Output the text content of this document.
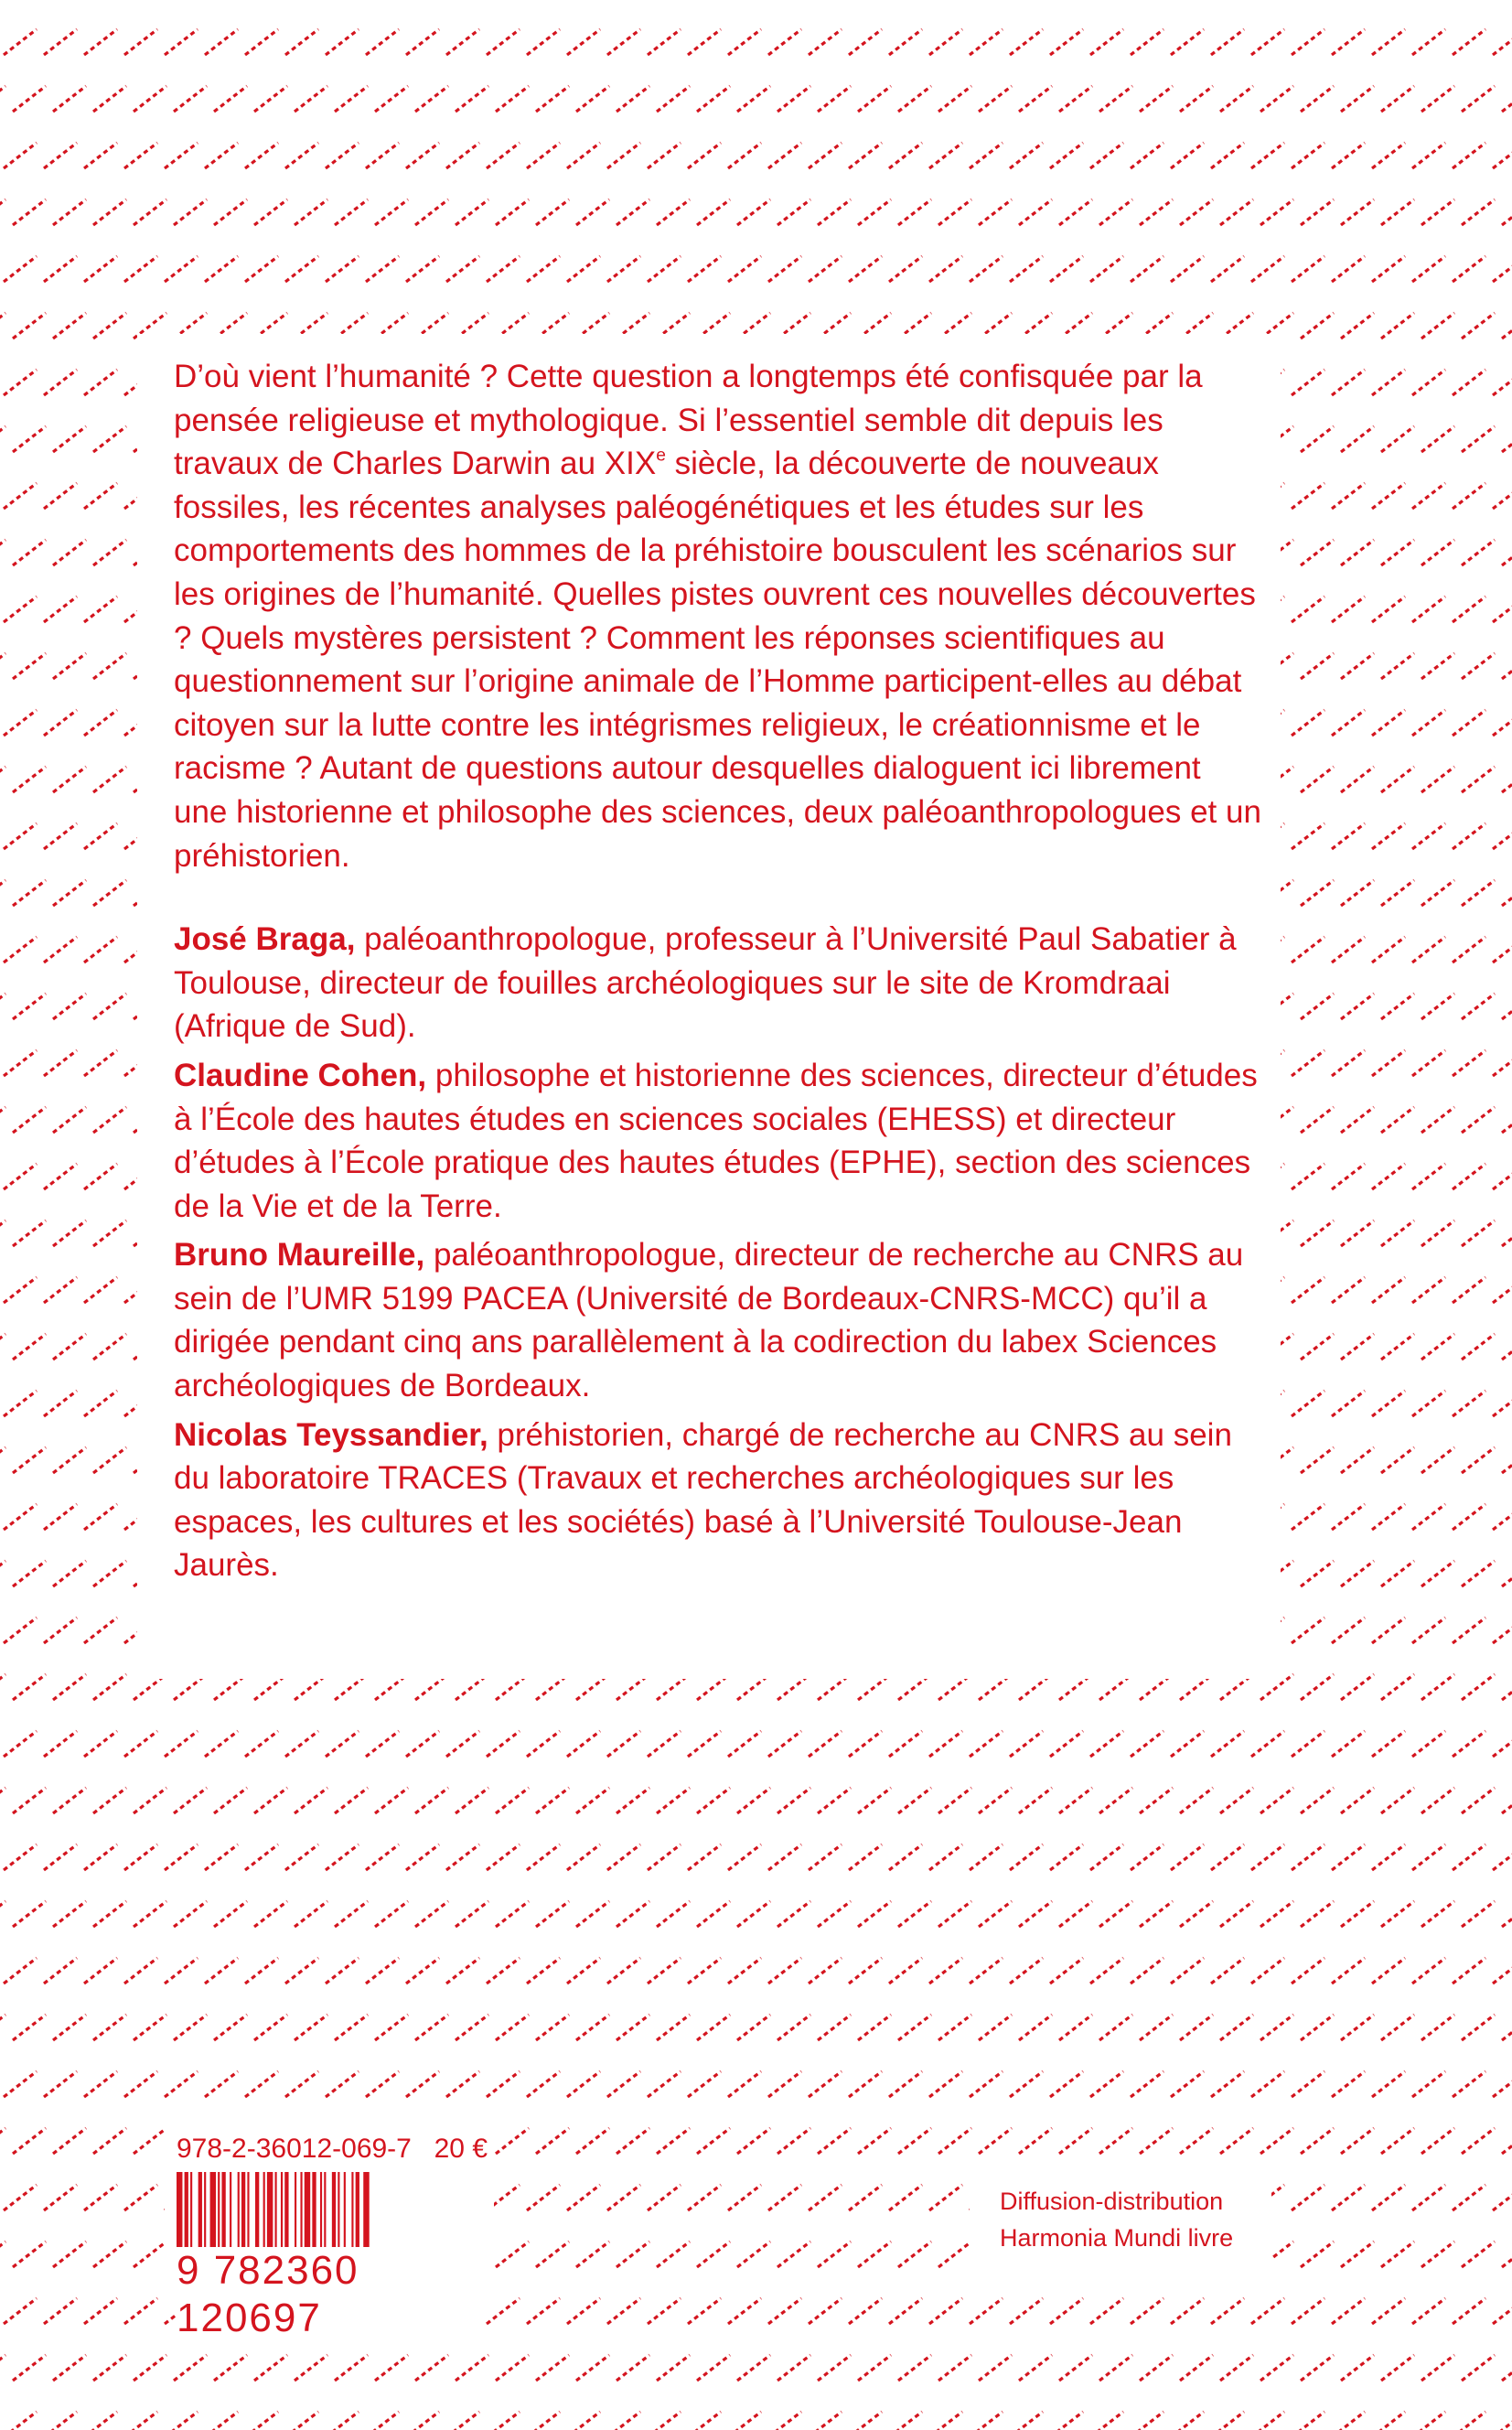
D’où vient l’humanité ? Cette question a longtemps été confisquée par la pensée religieuse et mythologique. Si l’essentiel semble dit depuis les travaux de Charles Darwin au XIXe siècle, la découverte de nouveaux fossiles, les récentes analyses paléogénétiques et les études sur les comportements des hommes de la préhistoire bousculent les scénarios sur les origines de l’humanité. Quelles pistes ouvrent ces nouvelles découvertes ? Quels mystères persistent ? Comment les réponses scientifiques au questionnement sur l’origine animale de l’Homme participent-elles au débat citoyen sur la lutte contre les intégrismes religieux, le créationnisme et le racisme ? Autant de questions autour desquelles dialoguent ici librement une historienne et philosophe des sciences, deux paléoanthropologues et un préhistorien.

José Braga, paléoanthropologue, professeur à l’Université Paul Sabatier à Toulouse, directeur de fouilles archéologiques sur le site de Kromdraai (Afrique de Sud).

Claudine Cohen, philosophe et historienne des sciences, directeur d’études à l’École des hautes études en sciences sociales (EHESS) et directeur d’études à l’École pratique des hautes études (EPHE), section des sciences de la Vie et de la Terre.

Bruno Maureille, paléoanthropologue, directeur de recherche au CNRS au sein de l’UMR 5199 PACEA (Université de Bordeaux-CNRS-MCC) qu’il a dirigée pendant cinq ans parallèlement à la codirection du labex Sciences archéologiques de Bordeaux.

Nicolas Teyssandier, préhistorien, chargé de recherche au CNRS au sein du laboratoire TRACES (Travaux et recherches archéologiques sur les espaces, les cultures et les sociétés) basé à l’Université Toulouse-Jean Jaurès.

978-2-36012-069-7 20 €
9 782360 120697
Diffusion-distribution
Harmonia Mundi livre
